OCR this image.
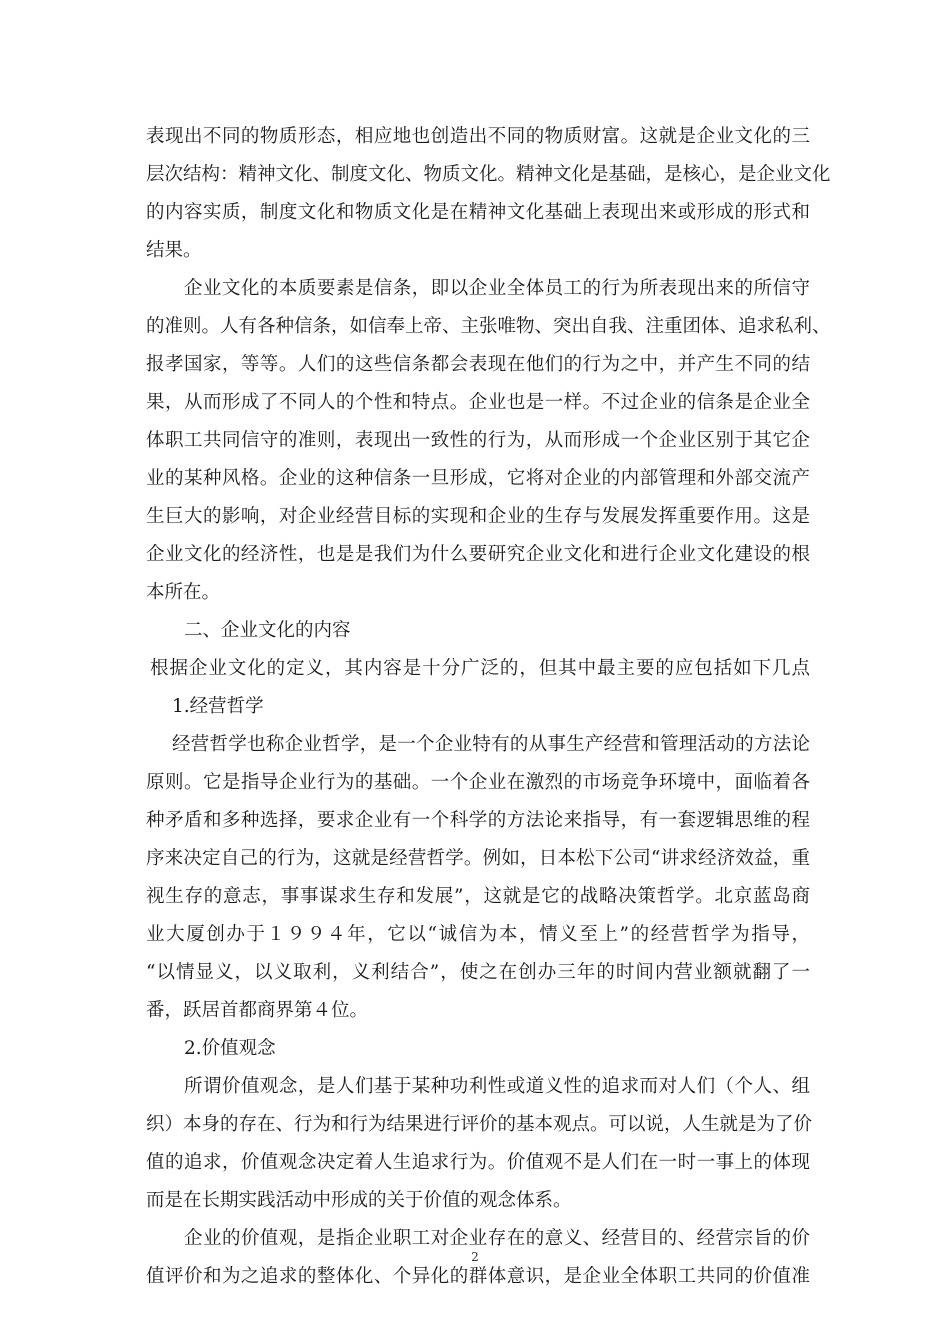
表现出不同的物质形态，相应地也创造出不同的物质财富。这就是企业文化的三
层次结构：精神文化、制度文化、物质文化。精神文化是基础，是核心，是企业文化
的内容实质，制度文化和物质文化是在精神文化基础上表现出来或形成的形式和
结果。
企业文化的本质要素是信条，即以企业全体员工的行为所表现出来的所信守
的准则。人有各种信条，如信奉上帝、主张唯物、突出自我、注重团体、追求私利、
报孝国家，等等。人们的这些信条都会表现在他们的行为之中，并产生不同的结
果，从而形成了不同人的个性和特点。企业也是一样。不过企业的信条是企业全
体职工共同信守的准则，表现出一致性的行为，从而形成一个企业区别于其它企
业的某种风格。企业的这种信条一旦形成，它将对企业的内部管理和外部交流产
生巨大的影响，对企业经营目标的实现和企业的生存与发展发挥重要作用。这是
企业文化的经济性，也是是我们为什么要研究企业文化和进行企业文化建设的根
本所在。
二、企业文化的内容
根据企业文化的定义，其内容是十分广泛的，但其中最主要的应包括如下几点
1.经营哲学
经营哲学也称企业哲学，是一个企业特有的从事生产经营和管理活动的方法论
原则。它是指导企业行为的基础。一个企业在激烈的市场竞争环境中，面临着各
种矛盾和多种选择，要求企业有一个科学的方法论来指导，有一套逻辑思维的程
序来决定自己的行为，这就是经营哲学。例如，日本松下公司“讲求经济效益，重
视生存的意志，事事谋求生存和发展”，这就是它的战略决策哲学。北京蓝岛商
业大厦创办于１９９４年，它以“诚信为本，情义至上”的经营哲学为指导，
“以情显义，以义取利，义利结合”，使之在创办三年的时间内营业额就翻了一
番，跃居首都商界第４位。
2.价值观念
所谓价值观念，是人们基于某种功利性或道义性的追求而对人们（个人、组
织）本身的存在、行为和行为结果进行评价的基本观点。可以说，人生就是为了价
值的追求，价值观念决定着人生追求行为。价值观不是人们在一时一事上的体现
而是在长期实践活动中形成的关于价值的观念体系。
企业的价值观，是指企业职工对企业存在的意义、经营目的、经营宗旨的价
值评价和为之追求的整体化、个异化的群体意识，是企业全体职工共同的价值准
2
